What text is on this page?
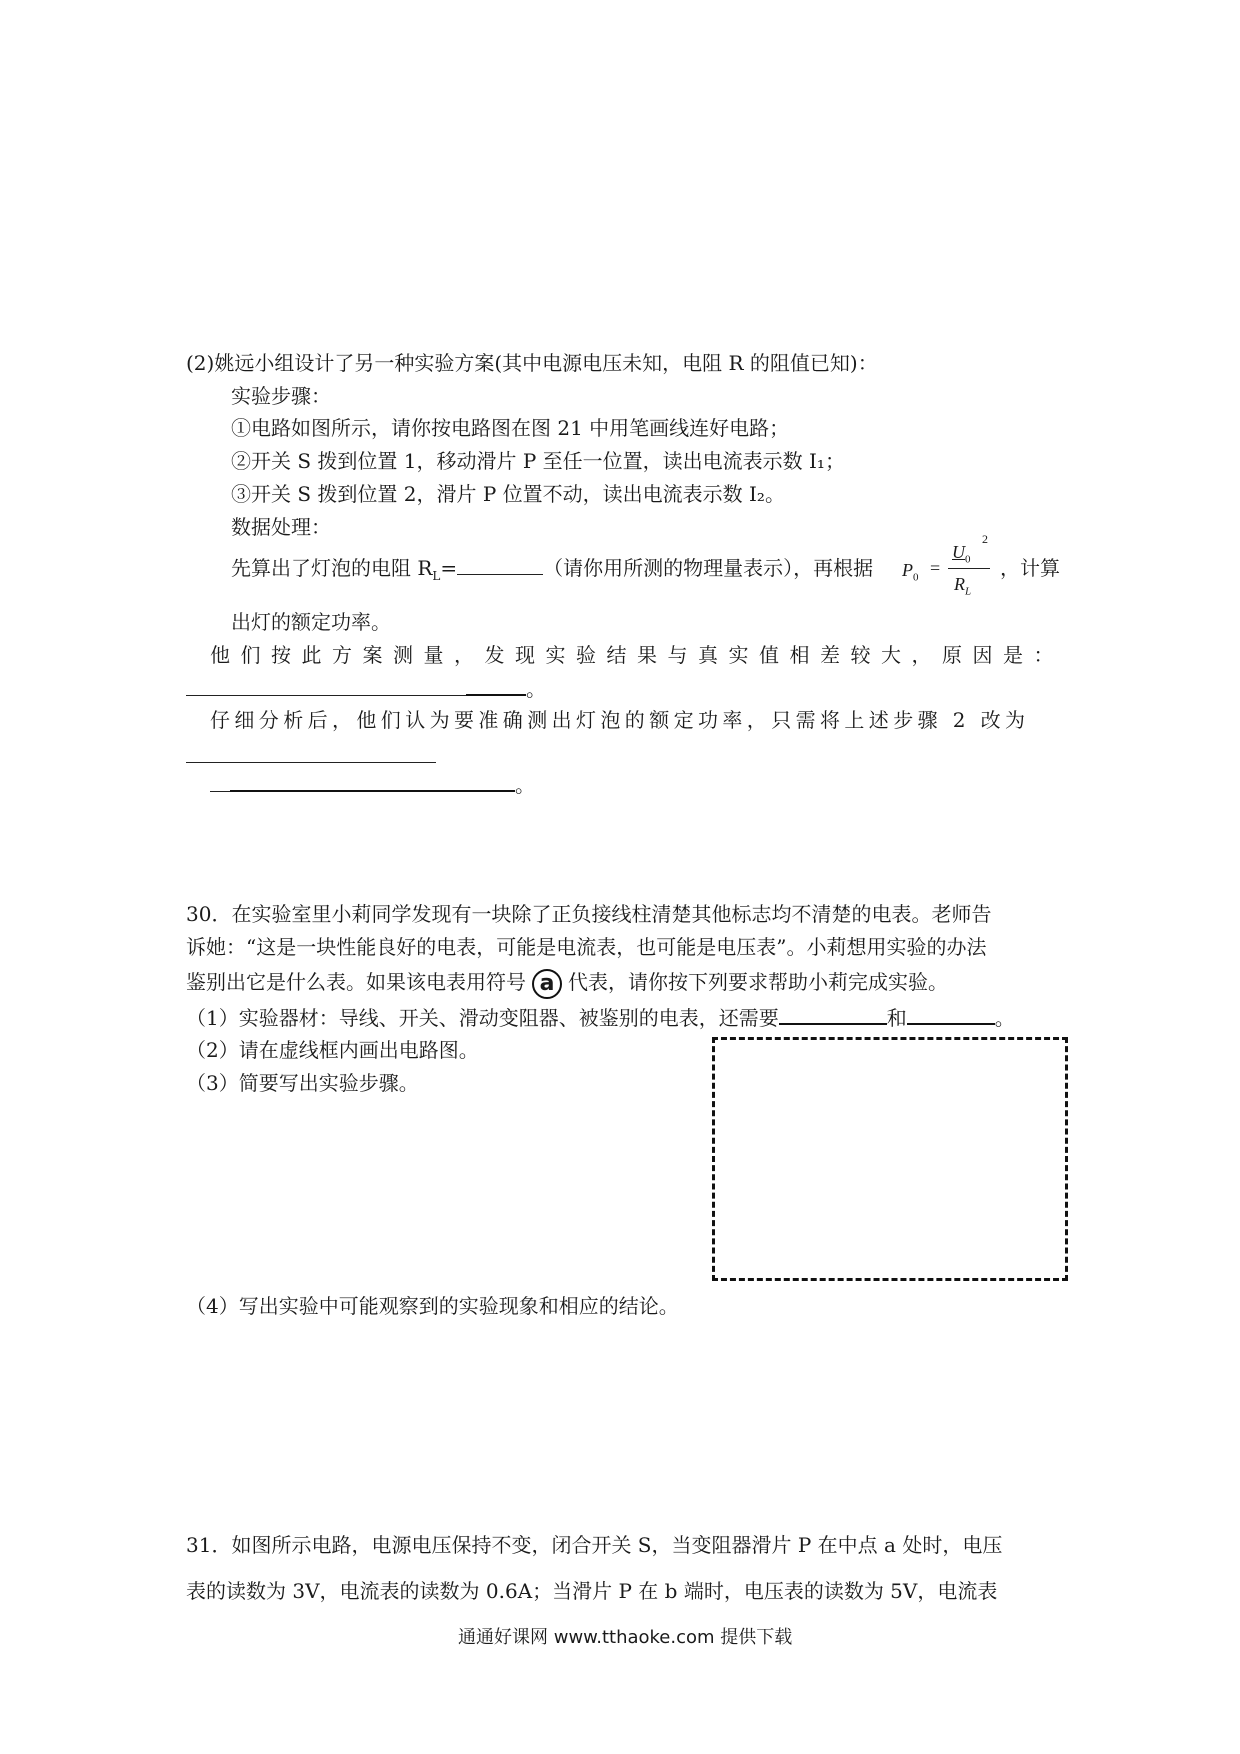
(2)姚远小组设计了另一种实验方案(其中电源电压未知，电阻 R 的阻值已知)：
实验步骤：
①电路如图所示，请你按电路图在图 21 中用笔画线连好电路；
②开关 S 拨到位置 1，移动滑片 P 至任一位置，读出电流表示数 I₁；
③开关 S 拨到位置 2，滑片 P 位置不动，读出电流表示数 I₂。
数据处理：
先算出了灯泡的电阻 $R_L=$	（请你用所测的物理量表示），再根据 $P_0$ =
$U_0$
2
$R_L$
，计算
出灯的额定功率。
他们按此方案测量，发现实验结果与真实值相差较大，原因是：
。
仔细分析后，他们认为要准确测出灯泡的额定功率，只需将上述步骤 2 改为
。
30．在实验室里小莉同学发现有一块除了正负接线柱清楚其他标志均不清楚的电表。老师告
诉她：“这是一块性能良好的电表，可能是电流表，也可能是电压表”。小莉想用实验的办法
鉴别出它是什么表。如果该电表用符号 a 代表，请你按下列要求帮助小莉完成实验。
（1）实验器材：导线、开关、滑动变阻器、被鉴别的电表，还需要	和	。
（2）请在虚线框内画出电路图。
（3）简要写出实验步骤。
（4）写出实验中可能观察到的实验现象和相应的结论。
31．如图所示电路，电源电压保持不变，闭合开关 S，当变阻器滑片 P 在中点 a 处时，电压
表的读数为 3V，电流表的读数为 0.6A；当滑片 P 在 b 端时，电压表的读数为 5V，电流表
通通好课网 www.tthaoke.com 提供下载
